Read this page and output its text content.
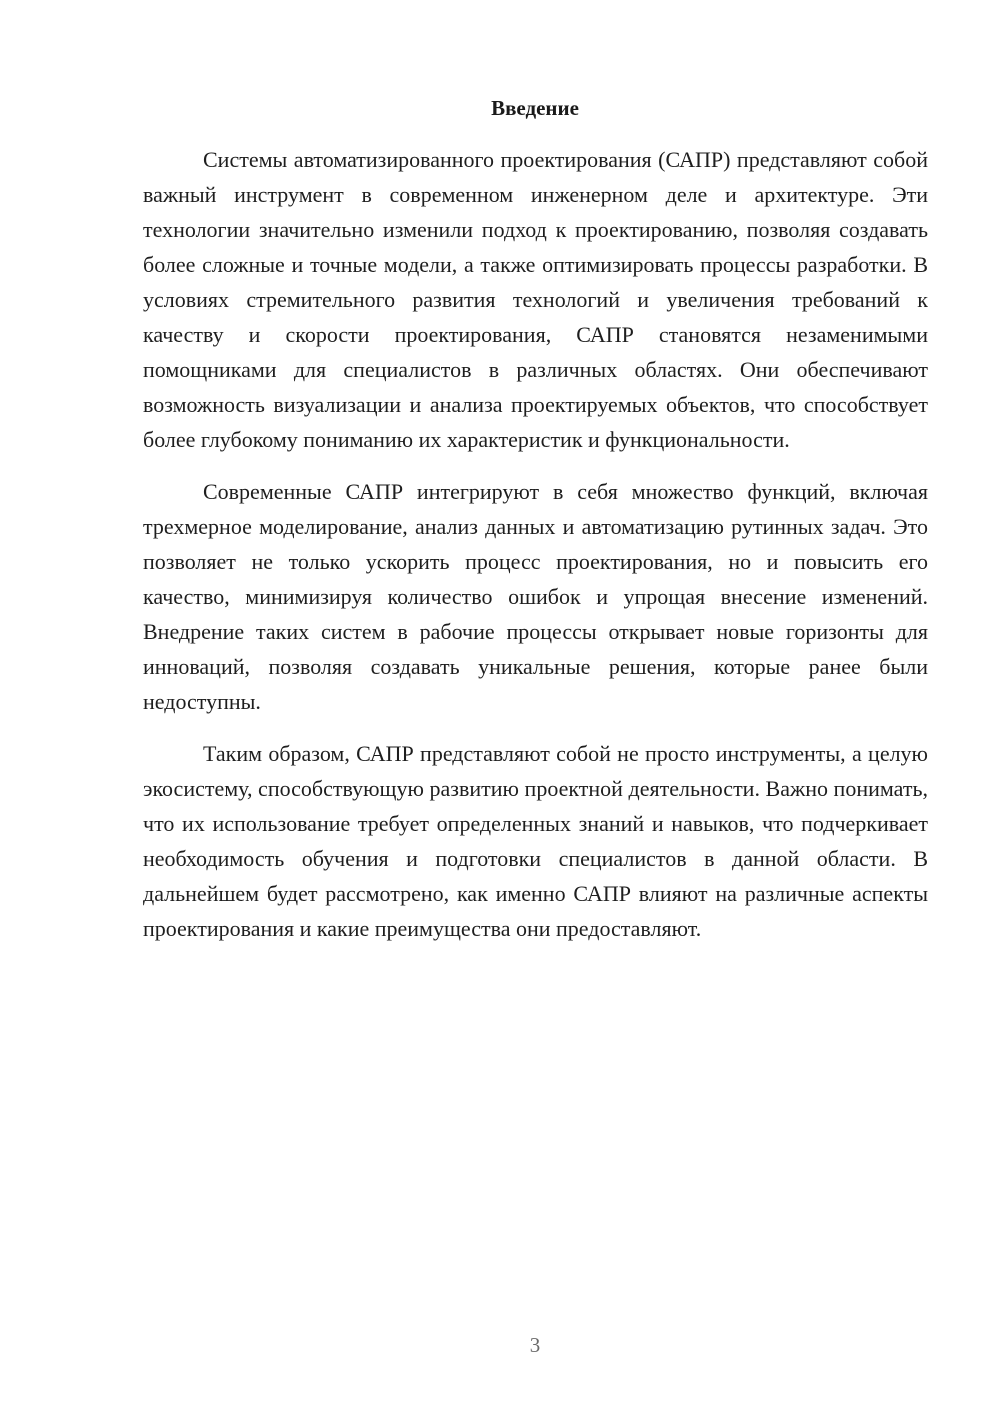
Введение

Системы автоматизированного проектирования (САПР) представляют собой важный инструмент в современном инженерном деле и архитектуре. Эти технологии значительно изменили подход к проектированию, позволяя создавать более сложные и точные модели, а также оптимизировать процессы разработки. В условиях стремительного развития технологий и увеличения требований к качеству и скорости проектирования, САПР становятся незаменимыми помощниками для специалистов в различных областях. Они обеспечивают возможность визуализации и анализа проектируемых объектов, что способствует более глубокому пониманию их характеристик и функциональности.

Современные САПР интегрируют в себя множество функций, включая трехмерное моделирование, анализ данных и автоматизацию рутинных задач. Это позволяет не только ускорить процесс проектирования, но и повысить его качество, минимизируя количество ошибок и упрощая внесение изменений. Внедрение таких систем в рабочие процессы открывает новые горизонты для инноваций, позволяя создавать уникальные решения, которые ранее были недоступны.

Таким образом, САПР представляют собой не просто инструменты, а целую экосистему, способствующую развитию проектной деятельности. Важно понимать, что их использование требует определенных знаний и навыков, что подчеркивает необходимость обучения и подготовки специалистов в данной области. В дальнейшем будет рассмотрено, как именно САПР влияют на различные аспекты проектирования и какие преимущества они предоставляют.

3
